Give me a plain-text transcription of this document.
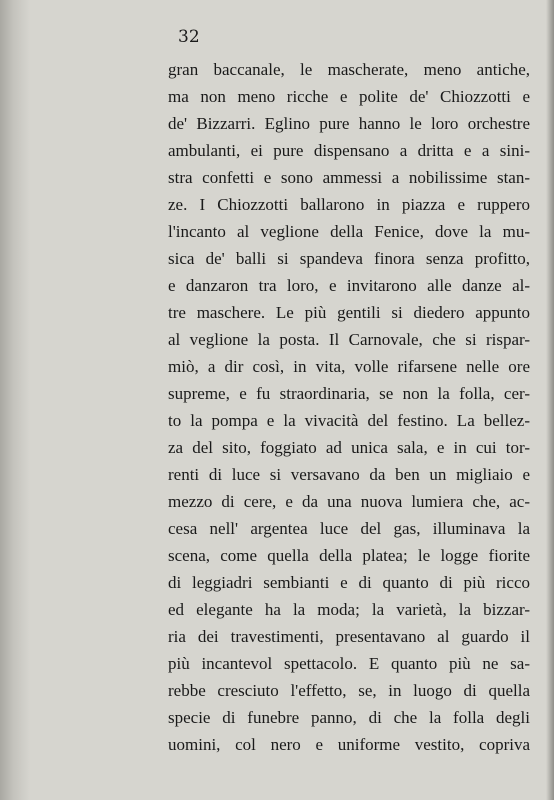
32

gran baccanale, le mascherate, meno antiche,
ma non meno ricche e polite de' Chiozzotti e
de' Bizzarri. Eglino pure hanno le loro orchestre
ambulanti, ei pure dispensano a dritta e a sini-
stra confetti e sono ammessi a nobilissime stan-
ze. I Chiozzotti ballarono in piazza e ruppero
l'incanto al veglione della Fenice, dove la mu-
sica de' balli si spandeva finora senza profitto,
e danzaron tra loro, e invitarono alle danze al-
tre maschere. Le più gentili si diedero appunto
al veglione la posta. Il Carnovale, che si rispar-
miò, a dir così, in vita, volle rifarsene nelle ore
supreme, e fu straordinaria, se non la folla, cer-
to la pompa e la vivacità del festino. La bellez-
za del sito, foggiato ad unica sala, e in cui tor-
renti di luce si versavano da ben un migliaio e
mezzo di cere, e da una nuova lumiera che, ac-
cesa nell' argentea luce del gas, illuminava la
scena, come quella della platea; le logge fiorite
di leggiadri sembianti e di quanto di più ricco
ed elegante ha la moda; la varietà, la bizzar-
ria dei travestimenti, presentavano al guardo il
più incantevol spettacolo. E quanto più ne sa-
rebbe cresciuto l'effetto, se, in luogo di quella
specie di funebre panno, di che la folla degli
uomini, col nero e uniforme vestito, copriva
